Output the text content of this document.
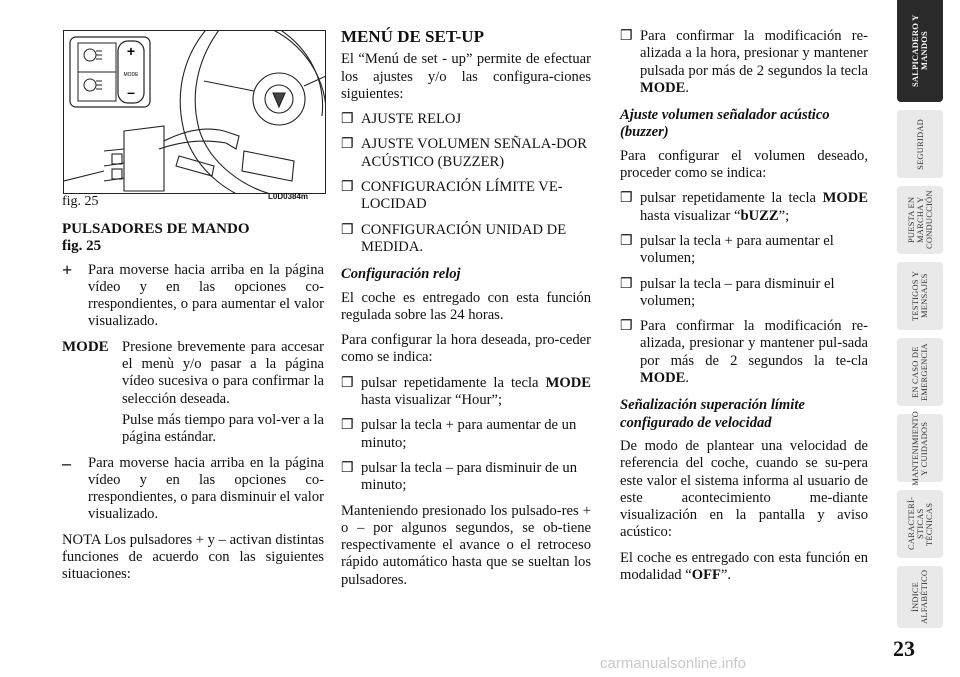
+
MODE
–
fig. 25	L0D0384m
PULSADORES DE MANDO
fig. 25
+	Para moverse hacia arriba en la página vídeo y en las opciones co-rrespondientes, o para aumentar el valor visualizado.
MODE Presione brevemente para accesar el menù y/o pasar a la página vídeo sucesiva o para confirmar la selección deseada.
Pulse más tiempo para vol-ver a la página estándar.
–	Para moverse hacia arriba en la página vídeo y en las opciones co-rrespondientes, o para disminuir el valor visualizado.

NOTA Los pulsadores + y – activan distintas funciones de acuerdo con las siguientes situaciones:

MENÚ DE SET-UP

El “Menú de set - up” permite de efectuar los ajustes y/o las configura-ciones siguientes:

❒ AJUSTE RELOJ
❒ AJUSTE VOLUMEN SEÑALA-DOR ACÚSTICO (BUZZER)
❒ CONFIGURACIÓN LÍMITE VE-LOCIDAD
❒ CONFIGURACIÓN UNIDAD DE MEDIDA.
Configuración reloj

El coche es entregado con esta función regulada sobre las 24 horas.

Para configurar la hora deseada, pro-ceder como se indica:

❒ pulsar repetidamente la tecla MODE hasta visualizar “Hour”;
❒ pulsar la tecla + para aumentar de un minuto;
❒ pulsar la tecla – para disminuir de un minuto;

Manteniendo presionado los pulsado-res + o – por algunos segundos, se ob-tiene respectivamente el avance o el retroceso rápido automático hasta que se sueltan los pulsadores.

❒ Para confirmar la modificación re-alizada a la hora, presionar y mantener pulsada por más de 2 segundos la tecla MODE.
Ajuste volumen señalador acústico (buzzer)

Para configurar el volumen deseado, proceder como se indica:

❒ pulsar repetidamente la tecla MODE hasta visualizar “bUZZ”;
❒ pulsar la tecla + para aumentar el volumen;
❒ pulsar la tecla – para disminuir el volumen;
❒ Para confirmar la modificación re-alizada, presionar y mantener pul-sada por más de 2 segundos la te-cla MODE.
Señalización superación límite configurado de velocidad

De modo de plantear una velocidad de referencia del coche, cuando se su-pera este valor el sistema informa al usuario de este acontecimiento me-diante visualización en la pantalla y aviso acústico:

El coche es entregado con esta función en modalidad “OFF”.

SALPICADERO Y MANDOS
SEGURIDAD
PUESTA EN MARCHA Y CONDUCCIÓN
TESTIGOS Y MENSAJES
EN CASO DE EMERGENCIA
MANTENIMIENTO Y CUIDADOS
CARACTERÍ-STICAS TÉCNICAS
ÍNDICE ALFABÉTICO
23
carmanualsonline.info
